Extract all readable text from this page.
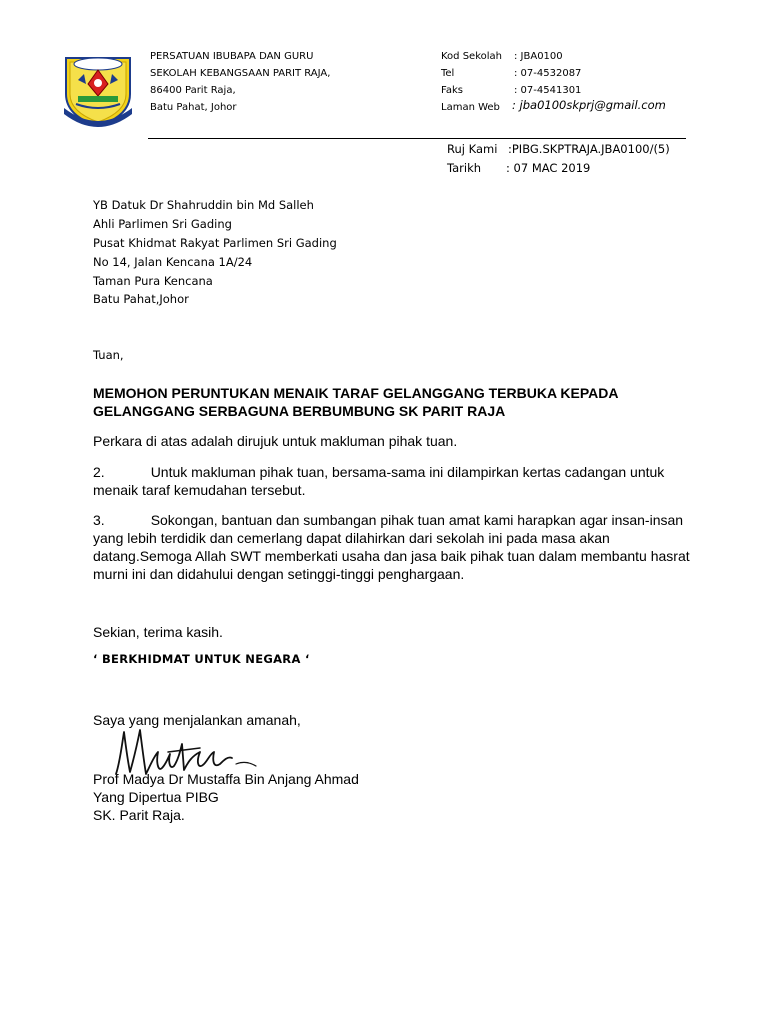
PERSATUAN IBUBAPA DAN GURU
SEKOLAH KEBANGSAAN PARIT RAJA,
86400 Parit Raja,
Batu Pahat, Johor
Kod Sekolah : JBA0100
Tel	: 07-4532087
Faks	: 07-4541301
Laman Web : jba0100skprj@gmail.com
Ruj Kami :PIBG.SKPTRAJA.JBA0100/(5)
Tarikh : 07 MAC 2019
YB Datuk Dr Shahruddin bin Md Salleh
Ahli Parlimen Sri Gading
Pusat Khidmat Rakyat Parlimen Sri Gading
No 14, Jalan Kencana 1A/24
Taman Pura Kencana
Batu Pahat,Johor
Tuan,
MEMOHON PERUNTUKAN MENAIK TARAF GELANGGANG TERBUKA KEPADA GELANGGANG SERBAGUNA BERBUMBUNG SK PARIT RAJA
Perkara di atas adalah dirujuk untuk makluman pihak tuan.
2.	Untuk makluman pihak tuan, bersama-sama ini dilampirkan kertas cadangan untuk menaik taraf kemudahan tersebut.
3.	Sokongan, bantuan dan sumbangan pihak tuan amat kami harapkan agar insan-insan yang lebih terdidik dan cemerlang dapat dilahirkan dari sekolah ini pada masa akan datang.Semoga Allah SWT memberkati usaha dan jasa baik pihak tuan dalam membantu hasrat murni ini dan didahului dengan setinggi-tinggi penghargaan.
Sekian, terima kasih.
‘ BERKHIDMAT UNTUK NEGARA ‘
Saya yang menjalankan amanah,
Prof Madya Dr Mustaffa Bin Anjang Ahmad
Yang Dipertua PIBG
SK. Parit Raja.
